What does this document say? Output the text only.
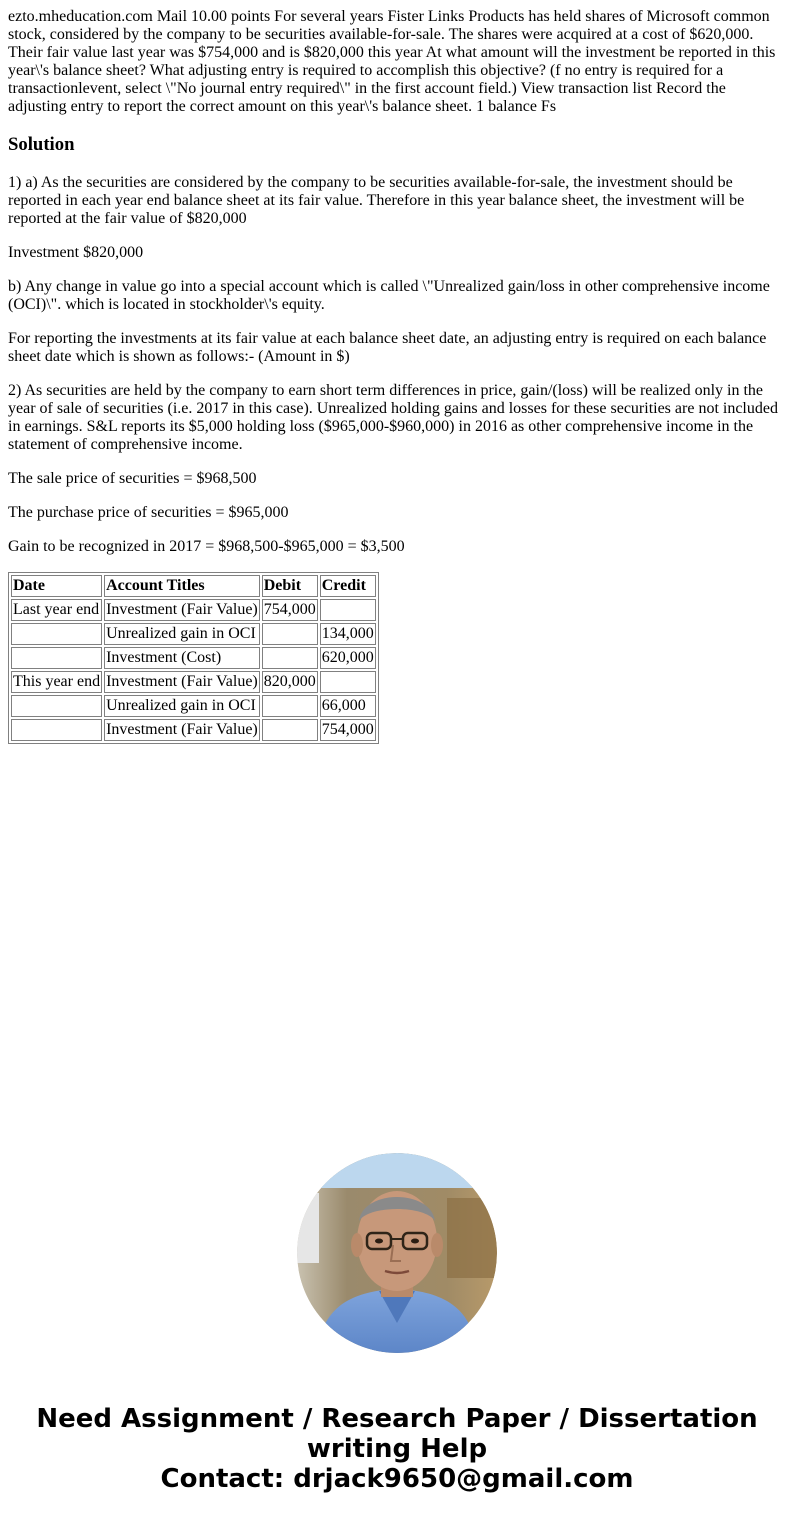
ezto.mheducation.com Mail 10.00 points For several years Fister Links Products has held shares of Microsoft common stock, considered by the company to be securities available-for-sale. The shares were acquired at a cost of $620,000. Their fair value last year was $754,000 and is $820,000 this year At what amount will the investment be reported in this year\'s balance sheet? What adjusting entry is required to accomplish this objective? (f no entry is required for a transactionlevent, select \"No journal entry required\" in the first account field.) View transaction list Record the adjusting entry to report the correct amount on this year\'s balance sheet. 1 balance Fs

Solution

1) a) As the securities are considered by the company to be securities available-for-sale, the investment should be reported in each year end balance sheet at its fair value. Therefore in this year balance sheet, the investment will be reported at the fair value of $820,000

Investment $820,000

b) Any change in value go into a special account which is called \"Unrealized gain/loss in other comprehensive income (OCI)\". which is located in stockholder\'s equity.

For reporting the investments at its fair value at each balance sheet date, an adjusting entry is required on each balance sheet date which is shown as follows:- (Amount in $)

2) As securities are held by the company to earn short term differences in price, gain/(loss) will be realized only in the year of sale of securities (i.e. 2017 in this case). Unrealized holding gains and losses for these securities are not included in earnings. S&L reports its $5,000 holding loss ($965,000-$960,000) in 2016 as other comprehensive income in the statement of comprehensive income.

The sale price of securities = $968,500

The purchase price of securities = $965,000

Gain to be recognized in 2017 = $968,500-$965,000 = $3,500

Date	Account Titles	Debit	Credit
Last year end	Investment (Fair Value)	754,000	
	Unrealized gain in OCI		134,000
	Investment (Cost)		620,000
This year end	Investment (Fair Value)	820,000	
	Unrealized gain in OCI		66,000
	Investment (Fair Value)		754,000
Need Assignment / Research Paper / Dissertation
writing Help
Contact: drjack9650@gmail.com
